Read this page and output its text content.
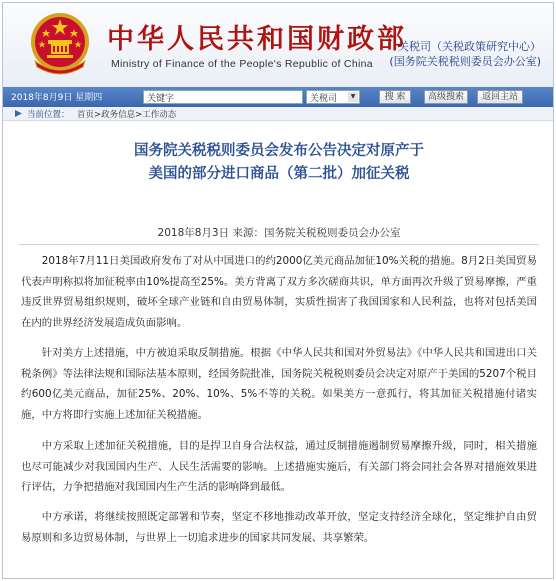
中华人民共和国财政部
Ministry of Finance of the People's Republic of China
关税司（关税政策研究中心）
(国务院关税税则委员会办公室)
2018年8月9日 星期四
关键字	关税司	▼	搜 索	高级搜索	返回主站
当前位置： 首页>政务信息>工作动态
国务院关税税则委员会发布公告决定对原产于
美国的部分进口商品（第二批）加征关税
2018年8月3日 来源：国务院关税税则委员会办公室

2018年7月11日美国政府发布了对从中国进口的约2000亿美元商品加征10%关税的措施。8月2日美国贸易代表声明称拟将加征税率由10%提高至25%。美方背离了双方多次磋商共识，单方面再次升级了贸易摩擦，严重违反世界贸易组织规则，破坏全球产业链和自由贸易体制，实质性损害了我国国家和人民利益，也将对包括美国在内的世界经济发展造成负面影响。

针对美方上述措施，中方被迫采取反制措施。根据《中华人民共和国对外贸易法》《中华人民共和国进出口关税条例》等法律法规和国际法基本原则，经国务院批准，国务院关税税则委员会决定对原产于美国的5207个税目约600亿美元商品，加征25%、20%、10%、5%不等的关税。如果美方一意孤行，将其加征关税措施付诸实施，中方将即行实施上述加征关税措施。

中方采取上述加征关税措施，目的是捍卫自身合法权益，通过反制措施遏制贸易摩擦升级，同时，相关措施也尽可能减少对我国国内生产、人民生活需要的影响。上述措施实施后，有关部门将会同社会各界对措施效果进行评估，力争把措施对我国国内生产生活的影响降到最低。

中方承诺，将继续按照既定部署和节奏，坚定不移地推动改革开放，坚定支持经济全球化，坚定维护自由贸易原则和多边贸易体制，与世界上一切追求进步的国家共同发展、共享繁荣。
